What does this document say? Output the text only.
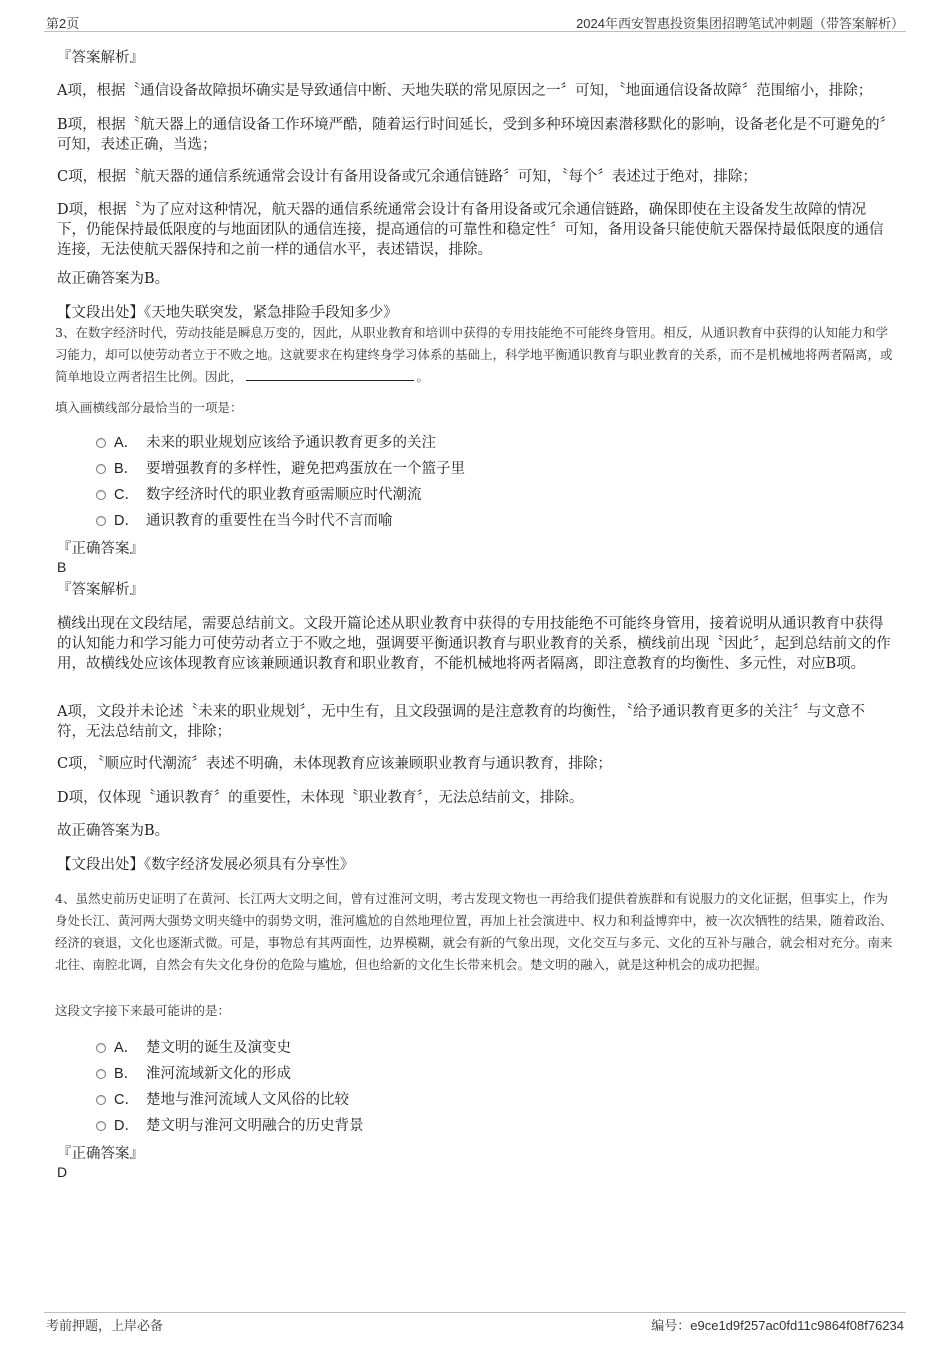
第2页	2024年西安智惠投资集团招聘笔试冲刺题（带答案解析）

『答案解析』

A项，根据〝通信设备故障损坏确实是导致通信中断、天地失联的常见原因之一〞可知，〝地面通信设备故障〞范围缩小，排除；

B项，根据〝航天器上的通信设备工作环境严酷，随着运行时间延长，受到多种环境因素潜移默化的影响，设备老化是不可避免的〞可知，表述正确，当选；

C项，根据〝航天器的通信系统通常会设计有备用设备或冗余通信链路〞可知，〝每个〞表述过于绝对，排除；

D项，根据〝为了应对这种情况，航天器的通信系统通常会设计有备用设备或冗余通信链路，确保即使在主设备发生故障的情况下，仍能保持最低限度的与地面团队的通信连接，提高通信的可靠性和稳定性〞可知，备用设备只能使航天器保持最低限度的通信连接，无法使航天器保持和之前一样的通信水平，表述错误，排除。

故正确答案为B。

【文段出处】《天地失联突发，紧急排险手段知多少》

3、在数字经济时代，劳动技能是瞬息万变的，因此，从职业教育和培训中获得的专用技能绝不可能终身管用。相反，从通识教育中获得的认知能力和学习能力，却可以使劳动者立于不败之地。这就要求在构建终身学习体系的基础上，科学地平衡通识教育与职业教育的关系，而不是机械地将两者隔离，或简单地设立两者招生比例。因此，	。

填入画横线部分最恰当的一项是：

A． 未来的职业规划应该给予通识教育更多的关注
B． 要增强教育的多样性，避免把鸡蛋放在一个篮子里
C． 数字经济时代的职业教育亟需顺应时代潮流
D． 通识教育的重要性在当今时代不言而喻

『正确答案』

B

『答案解析』

横线出现在文段结尾，需要总结前文。文段开篇论述从职业教育中获得的专用技能绝不可能终身管用，接着说明从通识教育中获得的认知能力和学习能力可使劳动者立于不败之地，强调要平衡通识教育与职业教育的关系，横线前出现〝因此〞，起到总结前文的作用，故横线处应该体现教育应该兼顾通识教育和职业教育，不能机械地将两者隔离，即注意教育的均衡性、多元性，对应B项。

A项，文段并未论述〝未来的职业规划〞，无中生有，且文段强调的是注意教育的均衡性，〝给予通识教育更多的关注〞与文意不符，无法总结前文，排除；

C项，〝顺应时代潮流〞表述不明确，未体现教育应该兼顾职业教育与通识教育，排除；

D项，仅体现〝通识教育〞的重要性，未体现〝职业教育〞，无法总结前文，排除。

故正确答案为B。

【文段出处】《数字经济发展必须具有分享性》

4、虽然史前历史证明了在黄河、长江两大文明之间，曾有过淮河文明，考古发现文物也一再给我们提供着族群和有说服力的文化证据，但事实上，作为身处长江、黄河两大强势文明夹缝中的弱势文明，淮河尴尬的自然地理位置，再加上社会演进中、权力和利益博弈中，被一次次牺牲的结果，随着政治、经济的衰退，文化也逐渐式微。可是，事物总有其两面性，边界模糊，就会有新的气象出现，文化交互与多元、文化的互补与融合，就会相对充分。南来北往、南腔北调，自然会有失文化身份的危险与尴尬，但也给新的文化生长带来机会。楚文明的融入，就是这种机会的成功把握。

这段文字接下来最可能讲的是：

A． 楚文明的诞生及演变史
B． 淮河流域新文化的形成
C． 楚地与淮河流域人文风俗的比较
D． 楚文明与淮河文明融合的历史背景

『正确答案』

D
考前押题，上岸必备	编号：e9ce1d9f257ac0fd11c9864f08f76234
